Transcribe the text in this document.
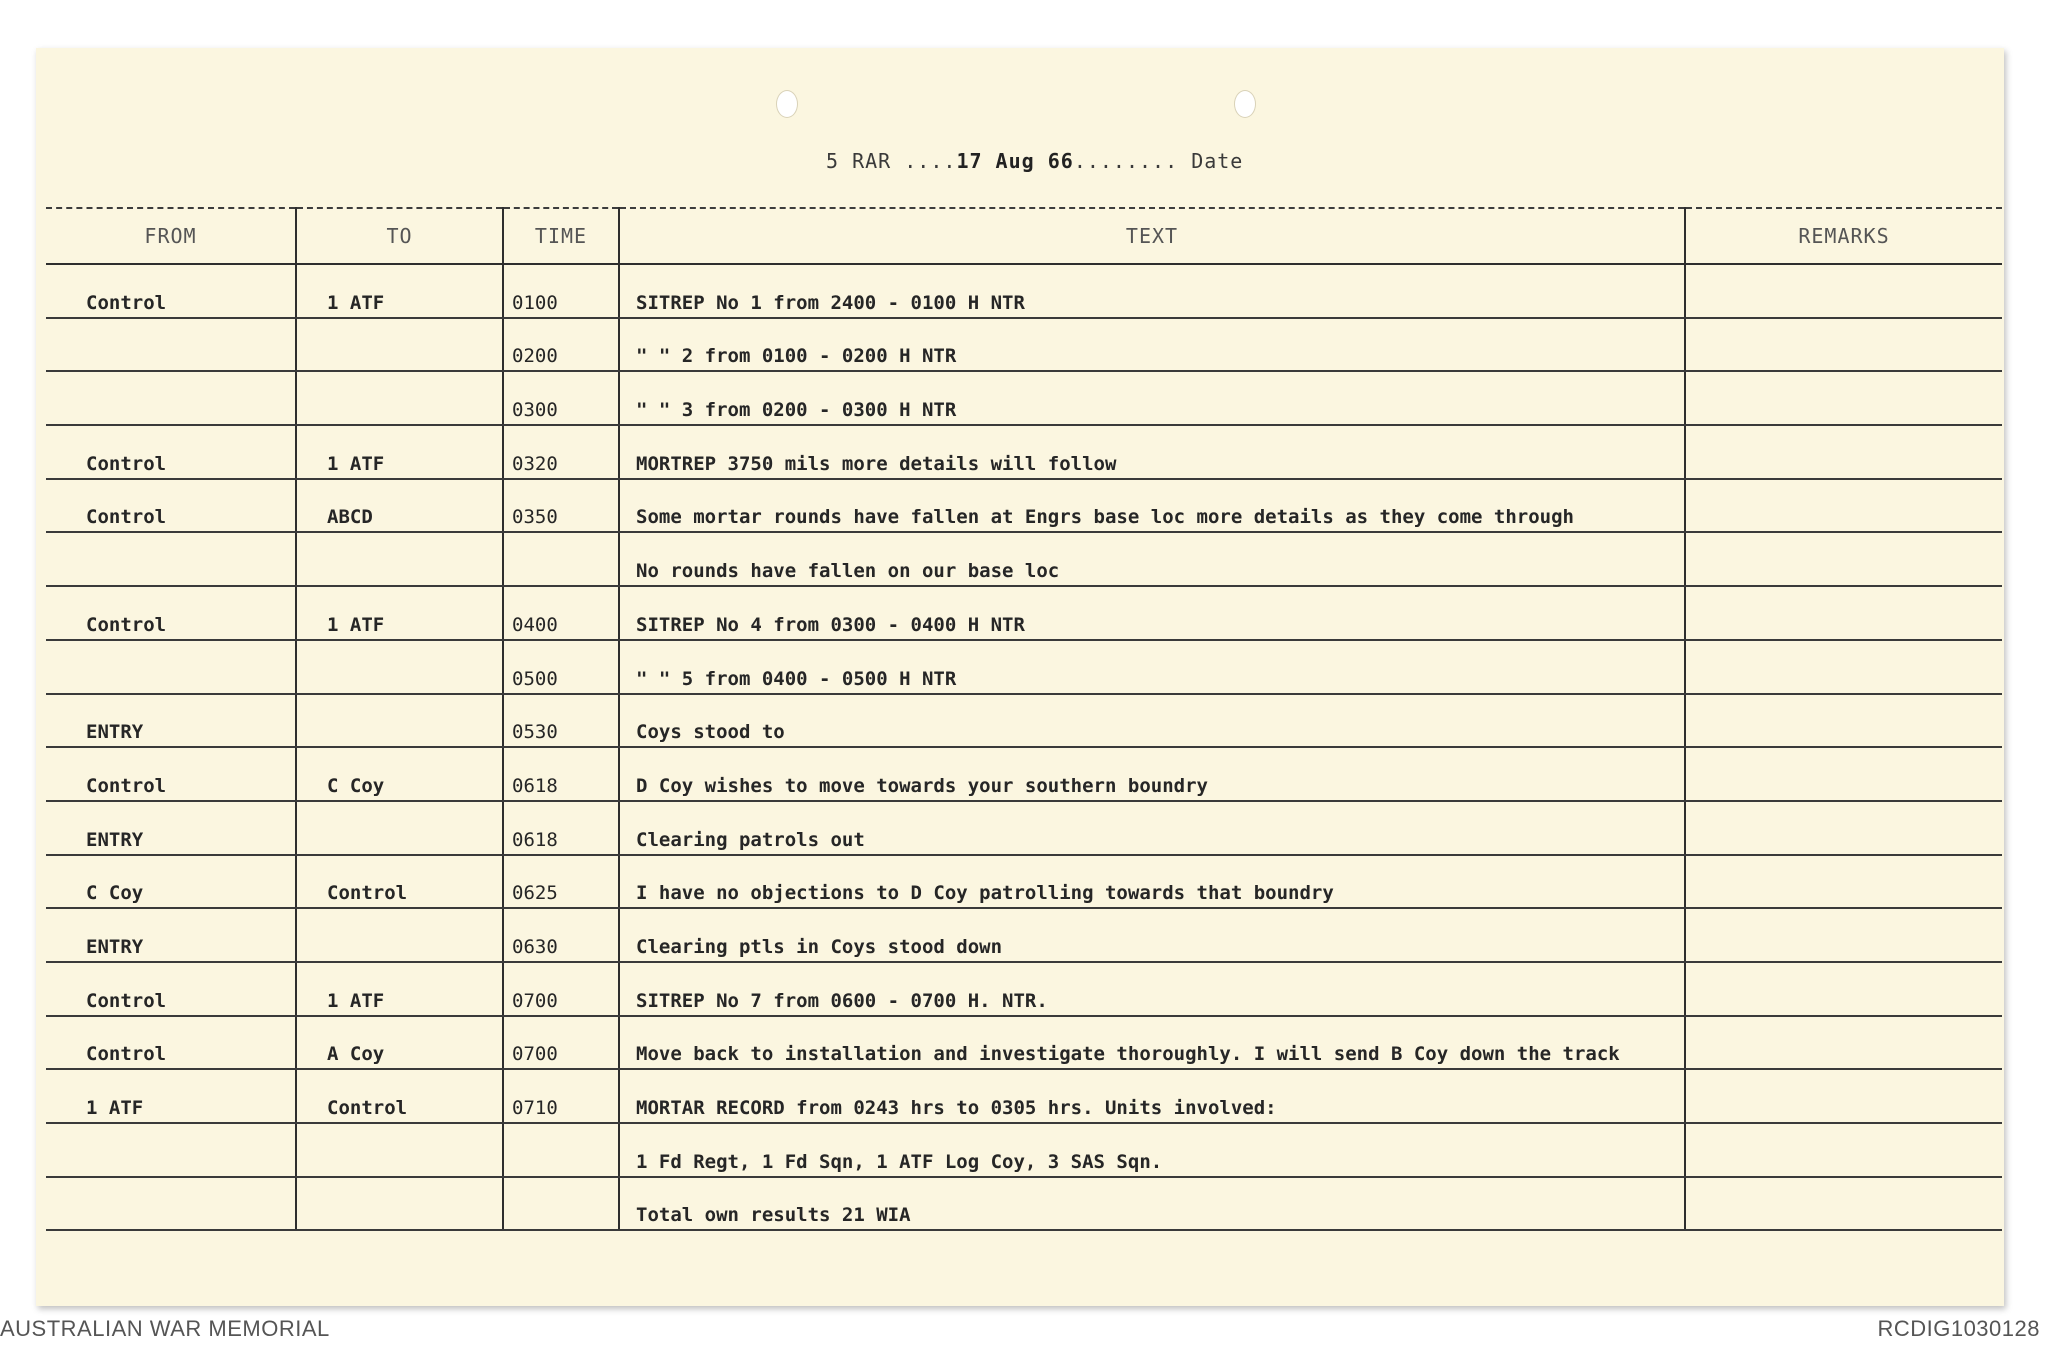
5 RAR ....17 Aug 66........ Date
FROM	TO	TIME	TEXT	REMARKS
Control	1 ATF	0100	SITREP No 1 from 2400 - 0100 H NTR	
		0200	" " 2 from 0100 - 0200 H NTR	
		0300	" " 3 from 0200 - 0300 H NTR	
Control	1 ATF	0320	MORTREP 3750 mils more details will follow	
Control	ABCD	0350	Some mortar rounds have fallen at Engrs base loc more details as they come through	
			No rounds have fallen on our base loc	
Control	1 ATF	0400	SITREP No 4 from 0300 - 0400 H NTR	
		0500	" " 5 from 0400 - 0500 H NTR	
ENTRY		0530	Coys stood to	
Control	C Coy	0618	D Coy wishes to move towards your southern boundry	
ENTRY		0618	Clearing patrols out	
C Coy	Control	0625	I have no objections to D Coy patrolling towards that boundry	
ENTRY		0630	Clearing ptls in Coys stood down	
Control	1 ATF	0700	SITREP No 7 from 0600 - 0700 H. NTR.	
Control	A Coy	0700	Move back to installation and investigate thoroughly. I will send B Coy down the track	
1 ATF	Control	0710	MORTAR RECORD from 0243 hrs to 0305 hrs. Units involved:	
			1 Fd Regt, 1 Fd Sqn, 1 ATF Log Coy, 3 SAS Sqn.	
			Total own results 21 WIA	
AUSTRALIAN WAR MEMORIAL	RCDIG1030128
